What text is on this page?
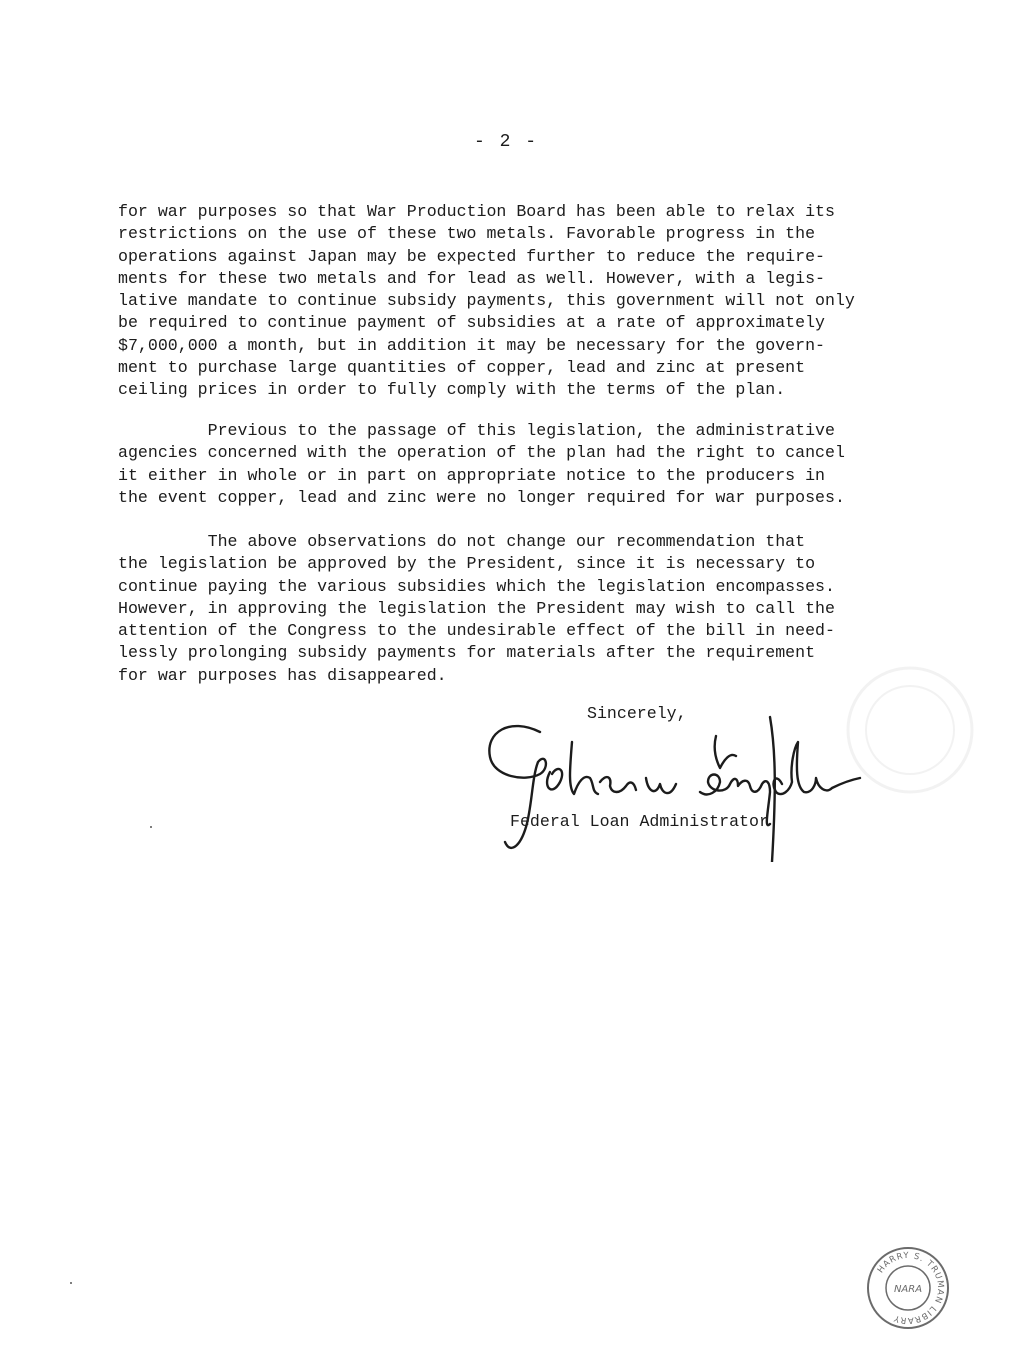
- 2 -

for war purposes so that War Production Board has been able to relax its
restrictions on the use of these two metals. Favorable progress in the
operations against Japan may be expected further to reduce the require-
ments for these two metals and for lead as well. However, with a legis-
lative mandate to continue subsidy payments, this government will not only
be required to continue payment of subsidies at a rate of approximately
$7,000,000 a month, but in addition it may be necessary for the govern-
ment to purchase large quantities of copper, lead and zinc at present
ceiling prices in order to fully comply with the terms of the plan.

Previous to the passage of this legislation, the administrative
agencies concerned with the operation of the plan had the right to cancel
it either in whole or in part on appropriate notice to the producers in
the event copper, lead and zinc were no longer required for war purposes.

The above observations do not change our recommendation that
the legislation be approved by the President, since it is necessary to
continue paying the various subsidies which the legislation encompasses.
However, in approving the legislation the President may wish to call the
attention of the Congress to the undesirable effect of the bill in need-
lessly prolonging subsidy payments for materials after the requirement
for war purposes has disappeared.

Sincerely,
Federal Loan Administrator
HARRY S. TRUMAN LIBRARY
NARA
